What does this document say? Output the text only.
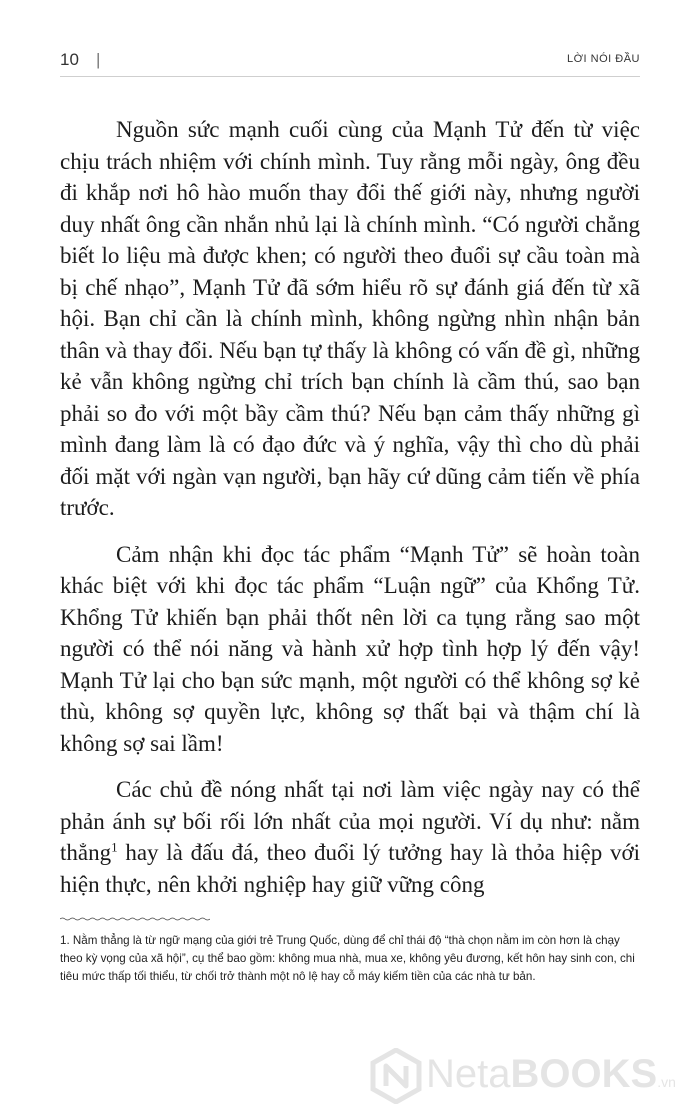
10 |	LỜI NÓI ĐẦU

Nguồn sức mạnh cuối cùng của Mạnh Tử đến từ việc chịu trách nhiệm với chính mình. Tuy rằng mỗi ngày, ông đều đi khắp nơi hô hào muốn thay đổi thế giới này, nhưng người duy nhất ông cần nhắn nhủ lại là chính mình. “Có người chẳng biết lo liệu mà được khen; có người theo đuổi sự cầu toàn mà bị chế nhạo”, Mạnh Tử đã sớm hiểu rõ sự đánh giá đến từ xã hội. Bạn chỉ cần là chính mình, không ngừng nhìn nhận bản thân và thay đổi. Nếu bạn tự thấy là không có vấn đề gì, những kẻ vẫn không ngừng chỉ trích bạn chính là cầm thú, sao bạn phải so đo với một bầy cầm thú? Nếu bạn cảm thấy những gì mình đang làm là có đạo đức và ý nghĩa, vậy thì cho dù phải đối mặt với ngàn vạn người, bạn hãy cứ dũng cảm tiến về phía trước.

Cảm nhận khi đọc tác phẩm “Mạnh Tử” sẽ hoàn toàn khác biệt với khi đọc tác phẩm “Luận ngữ” của Khổng Tử. Khổng Tử khiến bạn phải thốt nên lời ca tụng rằng sao một người có thể nói năng và hành xử hợp tình hợp lý đến vậy! Mạnh Tử lại cho bạn sức mạnh, một người có thể không sợ kẻ thù, không sợ quyền lực, không sợ thất bại và thậm chí là không sợ sai lầm!

Các chủ đề nóng nhất tại nơi làm việc ngày nay có thể phản ánh sự bối rối lớn nhất của mọi người. Ví dụ như: nằm thẳng$^1$ hay là đấu đá, theo đuổi lý tưởng hay là thỏa hiệp với hiện thực, nên khởi nghiệp hay giữ vững công

1. Nằm thẳng là từ ngữ mạng của giới trẻ Trung Quốc, dùng để chỉ thái độ “thà chọn nằm im còn hơn là chạy theo kỳ vọng của xã hội”, cụ thể bao gồm: không mua nhà, mua xe, không yêu đương, kết hôn hay sinh con, chi tiêu mức thấp tối thiểu, từ chối trở thành một nô lệ hay cỗ máy kiếm tiền của các nhà tư bản.
NetaBOOKS.vn
